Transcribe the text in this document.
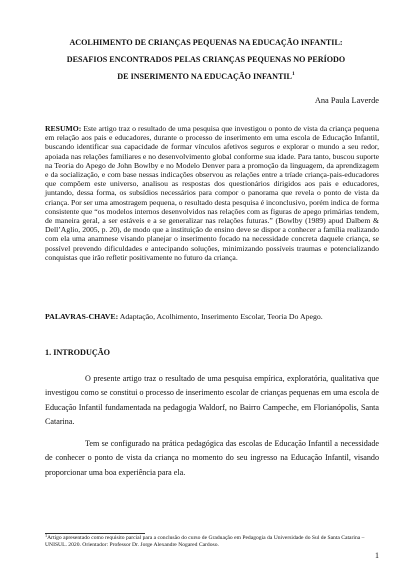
ACOLHIMENTO DE CRIANÇAS PEQUENAS NA EDUCAÇÃO INFANTIL:
DESAFIOS ENCONTRADOS PELAS CRIANÇAS PEQUENAS NO PERÍODO
DE INSERIMENTO NA EDUCAÇÃO INFANTIL$^1$
Ana Paula Laverde
RESUMO: Este artigo traz o resultado de uma pesquisa que investigou o ponto de vista da criança pequena em relação aos pais e educadores, durante o processo de inserimento em uma escola de Educação Infantil, buscando identificar sua capacidade de formar vínculos afetivos seguros e explorar o mundo a seu redor, apoiada nas relações familiares e no desenvolvimento global conforme sua idade. Para tanto, buscou suporte na Teoria do Apego de John Bowlby e no Modelo Denver para a promoção da linguagem, da aprendizagem e da socialização, e com base nessas indicações observou as relações entre a tríade criança-pais-educadores que compõem este universo, analisou as respostas dos questionários dirigidos aos pais e educadores, juntando, dessa forma, os subsídios necessários para compor o panorama que revela o ponto de vista da criança. Por ser uma amostragem pequena, o resultado desta pesquisa é inconclusivo, porém indica de forma consistente que “os modelos internos desenvolvidos nas relações com as figuras de apego primárias tendem, de maneira geral, a ser estáveis e a se generalizar nas relações futuras.” (Bowlby (1989) apud Dalbem & Dell’Aglio, 2005, p. 20), de modo que a instituição de ensino deve se dispor a conhecer a família realizando com ela uma anamnese visando planejar o inserimento focado na necessidade concreta daquele criança, se possível prevendo dificuldades e antecipando soluções, minimizando possíveis traumas e potencializando conquistas que irão refletir positivamente no futuro da criança.
PALAVRAS-CHAVE: Adaptação, Acolhimento, Inserimento Escolar, Teoria Do Apego.
1. INTRODUÇÃO

O presente artigo traz o resultado de uma pesquisa empírica, exploratória, qualitativa que investigou como se constitui o processo de inserimento escolar de crianças pequenas em uma escola de Educação Infantil fundamentada na pedagogia Waldorf, no Bairro Campeche, em Florianópolis, Santa Catarina.

Tem se configurado na prática pedagógica das escolas de Educação Infantil a necessidade de conhecer o ponto de vista da criança no momento do seu ingresso na Educação Infantil, visando proporcionar uma boa experiência para ela.

$^1$Artigo apresentado como requisito parcial para a conclusão do curso de Graduação em Pedagogia da Universidade do Sul de Santa Catarina – UNISUL. 2020. Orientador: Professor Dr. Jorge Alexandre Nogared Cardoso.
1
